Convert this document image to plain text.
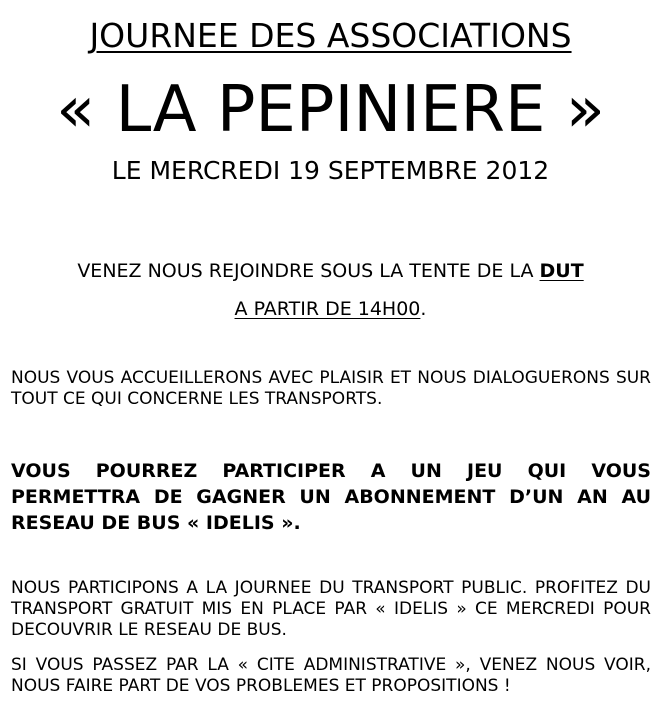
JOURNEE DES ASSOCIATIONS
« LA PEPINIERE »
LE MERCREDI 19 SEPTEMBRE 2012
VENEZ NOUS REJOINDRE SOUS LA TENTE DE LA DUT
A PARTIR DE 14H00.
NOUS VOUS ACCUEILLERONS AVEC PLAISIR ET NOUS DIALOGUERONS SUR TOUT CE QUI CONCERNE LES TRANSPORTS.
VOUS POURREZ PARTICIPER A UN JEU QUI VOUS PERMETTRA DE GAGNER UN ABONNEMENT D’UN AN AU RESEAU DE BUS « IDELIS ».
NOUS PARTICIPONS A LA JOURNEE DU TRANSPORT PUBLIC. PROFITEZ DU TRANSPORT GRATUIT MIS EN PLACE PAR « IDELIS » CE MERCREDI POUR DECOUVRIR LE RESEAU DE BUS.
SI VOUS PASSEZ PAR LA « CITE ADMINISTRATIVE », VENEZ NOUS VOIR, NOUS FAIRE PART DE VOS PROBLEMES ET PROPOSITIONS !
